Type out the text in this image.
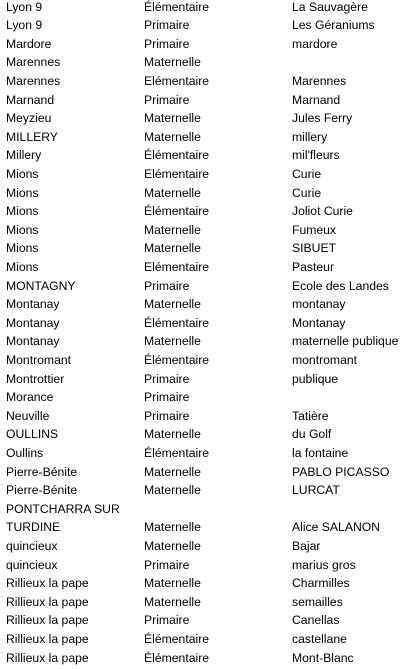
Lyon 9	Élémentaire	La Sauvagère
Lyon 9	Primaire	Les Géraniums
Mardore	Primaire	mardore
Marennes	Maternelle
Marennes	Elémentaire	Marennes
Marnand	Primaire	Marnand
Meyzieu	Maternelle	Jules Ferry
MILLERY	Maternelle	millery
Millery	Élémentaire	mil'fleurs
Mions	Elémentaire	Curie
Mions	Maternelle	Curie
Mions	Élémentaire	Joliot Curie
Mions	Maternelle	Fumeux
Mions	Maternelle	SIBUET
Mions	Elémentaire	Pasteur
MONTAGNY	Primaire	Ecole des Landes
Montanay	Maternelle	montanay
Montanay	Élémentaire	Montanay
Montanay	Maternelle	maternelle publique
Montromant	Élémentaire	montromant
Montrottier	Primaire	publique
Morance	Primaire
Neuville	Primaire	Tatière
OULLINS	Maternelle	du Golf
Oullins	Élémentaire	la fontaine
Pierre-Bénite	Maternelle	PABLO PICASSO
Pierre-Bénite	Maternelle	LURCAT
PONTCHARRA SUR
TURDINE	Maternelle	Alice SALANON
quincieux	Maternelle	Bajar
quincieux	Primaire	marius gros
Rillieux la pape	Maternelle	Charmilles
Rillieux la pape	Maternelle	semailles
Rillieux la pape	Primaire	Canellas
Rillieux la pape	Élémentaire	castellane
Rillieux la pape	Élémentaire	Mont-Blanc
